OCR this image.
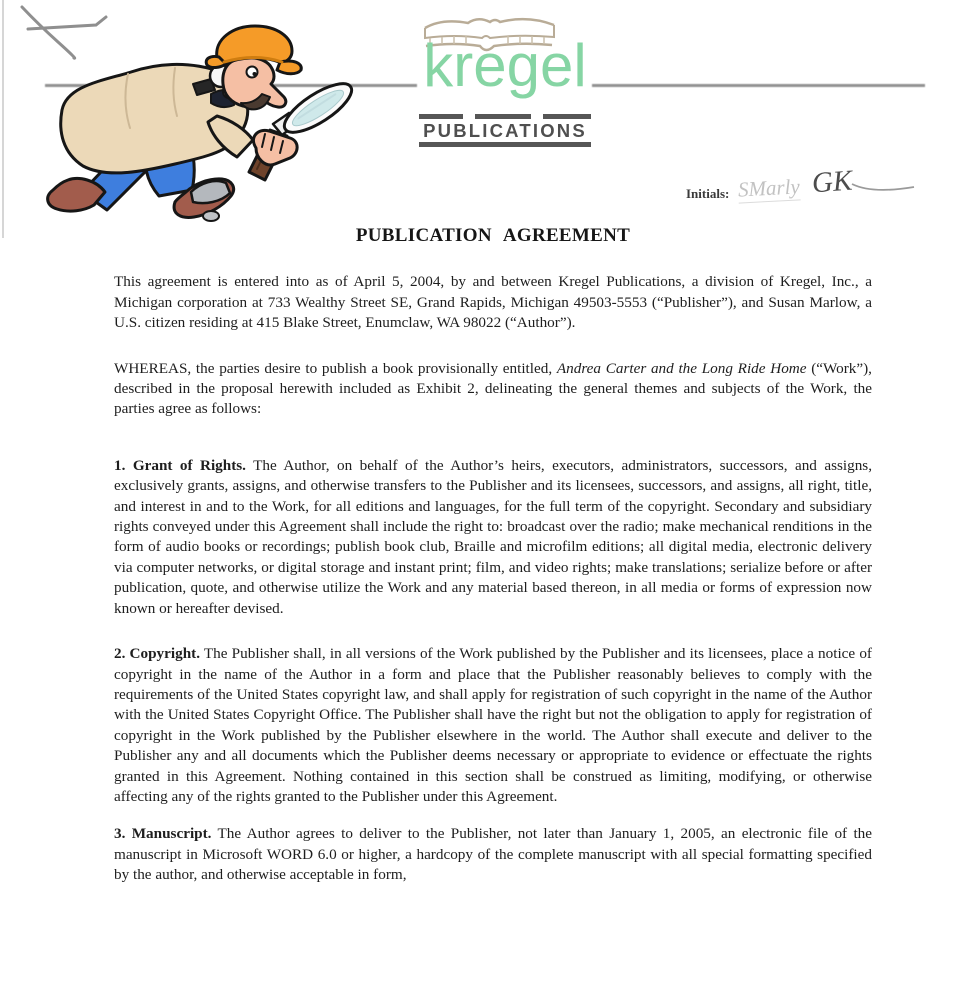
kregel
PUBLICATIONS
$_{Initials:}$ SMarly GK
PUBLICATION AGREEMENT

This agreement is entered into as of April 5, 2004, by and between Kregel Publications, a division of Kregel, Inc., a Michigan corporation at 733 Wealthy Street SE, Grand Rapids, Michigan 49503-5553 (“Publisher”), and Susan Marlow, a U.S. citizen residing at 415 Blake Street, Enumclaw, WA 98022 (“Author”).

WHEREAS, the parties desire to publish a book provisionally entitled, Andrea Carter and the Long Ride Home (“Work”), described in the proposal herewith included as Exhibit 2, delineating the general themes and subjects of the Work, the parties agree as follows:

1. Grant of Rights. The Author, on behalf of the Author’s heirs, executors, administrators, successors, and assigns, exclusively grants, assigns, and otherwise transfers to the Publisher and its licensees, successors, and assigns, all right, title, and interest in and to the Work, for all editions and languages, for the full term of the copyright. Secondary and subsidiary rights conveyed under this Agreement shall include the right to: broadcast over the radio; make mechanical renditions in the form of audio books or recordings; publish book club, Braille and microfilm editions; all digital media, electronic delivery via computer networks, or digital storage and instant print; film, and video rights; make translations; serialize before or after publication, quote, and otherwise utilize the Work and any material based thereon, in all media or forms of expression now known or hereafter devised.

2. Copyright. The Publisher shall, in all versions of the Work published by the Publisher and its licensees, place a notice of copyright in the name of the Author in a form and place that the Publisher reasonably believes to comply with the requirements of the United States copyright law, and shall apply for registration of such copyright in the name of the Author with the United States Copyright Office. The Publisher shall have the right but not the obligation to apply for registration of copyright in the Work published by the Publisher elsewhere in the world. The Author shall execute and deliver to the Publisher any and all documents which the Publisher deems necessary or appropriate to evidence or effectuate the rights granted in this Agreement. Nothing contained in this section shall be construed as limiting, modifying, or otherwise affecting any of the rights granted to the Publisher under this Agreement.

3. Manuscript. The Author agrees to deliver to the Publisher, not later than January 1, 2005, an electronic file of the manuscript in Microsoft WORD 6.0 or higher, a hardcopy of the complete manuscript with all special formatting specified by the author, and otherwise acceptable in form,
